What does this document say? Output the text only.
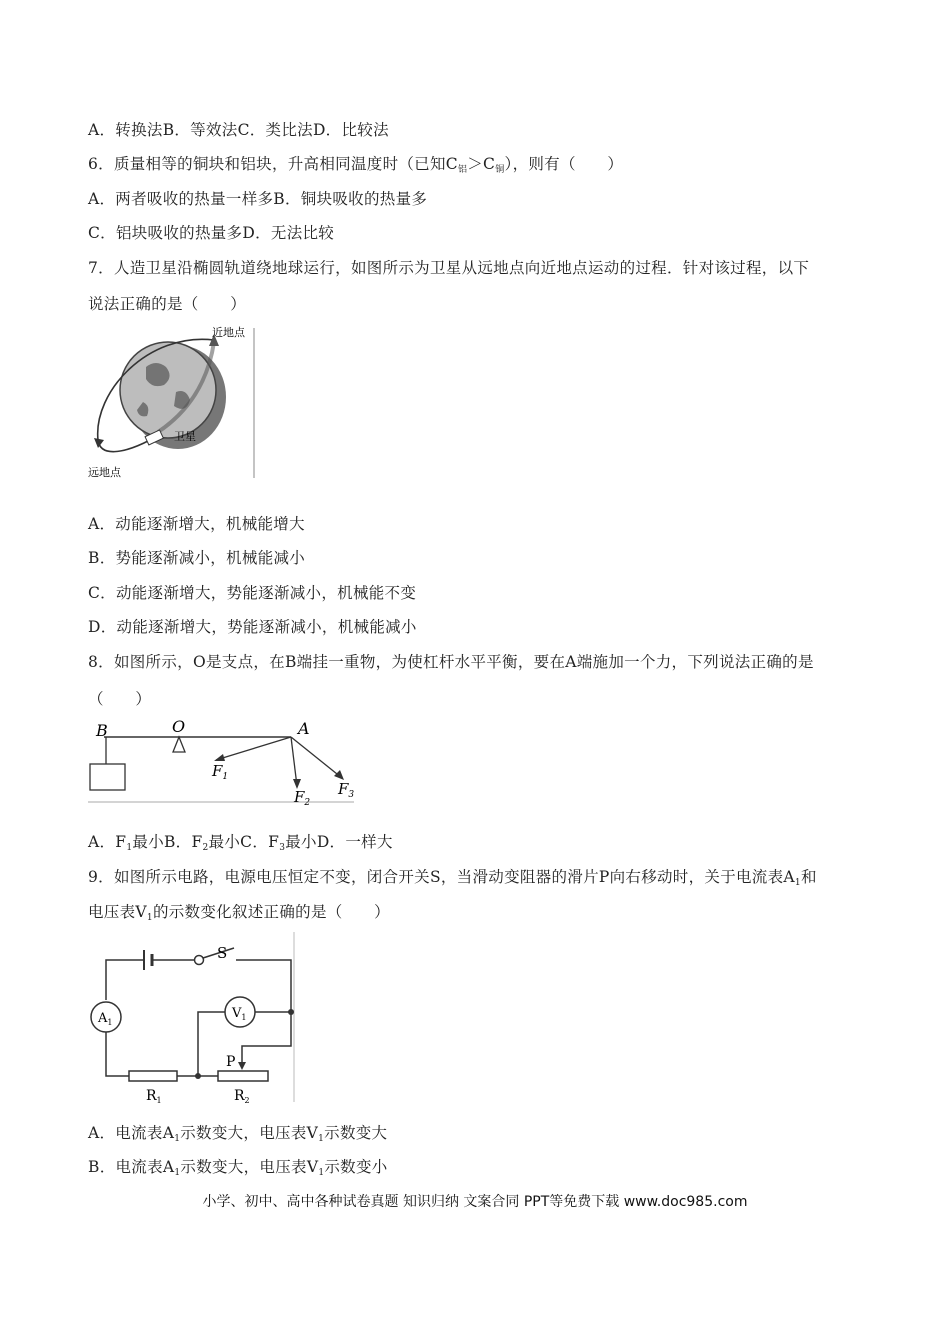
A．转换法B．等效法C．类比法D．比较法
6．质量相等的铜块和铝块，升高相同温度时（已知$C_铝>C_铜$），则有（　　）
A．两者吸收的热量一样多B．铜块吸收的热量多
C．铝块吸收的热量多D．无法比较
7．人造卫星沿椭圆轨道绕地球运行，如图所示为卫星从远地点向近地点运动的过程．针对该过程，以下
说法正确的是（　　）
近地点
卫星
远地点
A．动能逐渐增大，机械能增大
B．势能逐渐减小，机械能减小
C．动能逐渐增大，势能逐渐减小，机械能不变
D．动能逐渐增大，势能逐渐减小，机械能减小
8．如图所示，O是支点，在B端挂一重物，为使杠杆水平平衡，要在A端施加一个力，下列说法正确的是
（　　）
B	O	A
$F_1$
$F_2$
$F_3$
A．$F_1$最小B．$F_2$最小C．$F_3$最小D．一样大
9．如图所示电路，电源电压恒定不变，闭合开关S，当滑动变阻器的滑片P向右移动时，关于电流表$A_1$和
电压表$V_1$的示数变化叙述正确的是（　　）
S
$A_1$
$V_1$
P
$R_1$	$R_2$
A．电流表$A_1$示数变大，电压表$V_1$示数变大
B．电流表$A_1$示数变大，电压表$V_1$示数变小
小学、初中、高中各种试卷真题 知识归纳 文案合同 PPT等免费下载 www.doc985.com
